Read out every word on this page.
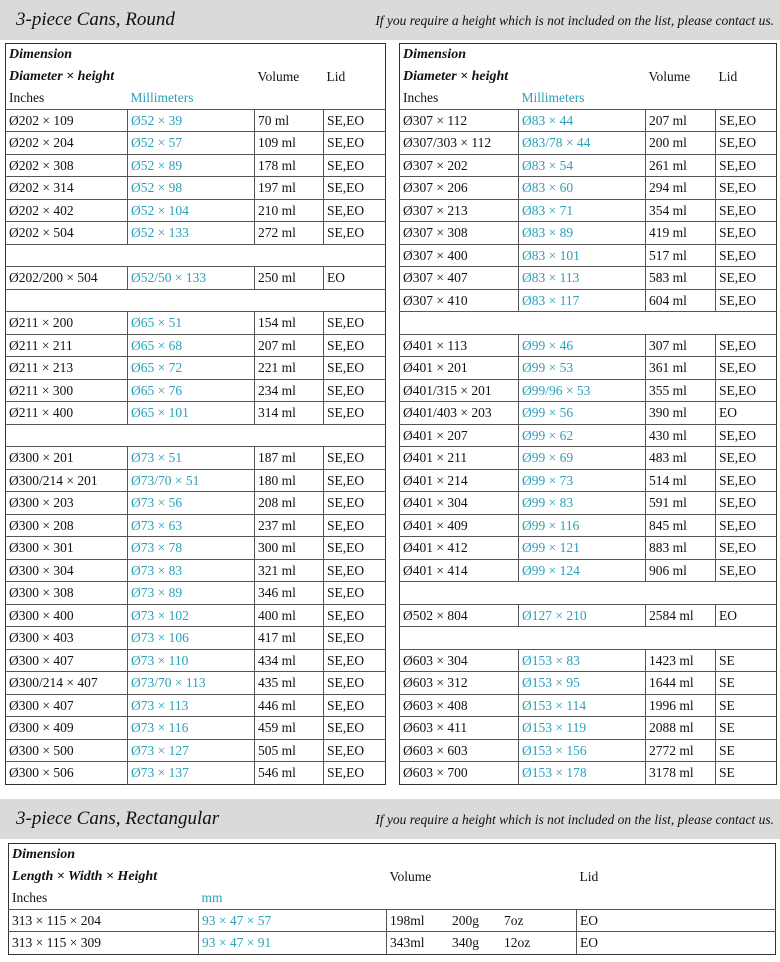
3-piece Cans, Round	If you require a height which is not included on the list, please contact us.
Dimension			
Diameter × height		Volume	Lid
Inches	Millimeters		
Ø202 × 109	Ø52 × 39	70 ml	SE,EO
Ø202 × 204	Ø52 × 57	109 ml	SE,EO
Ø202 × 308	Ø52 × 89	178 ml	SE,EO
Ø202 × 314	Ø52 × 98	197 ml	SE,EO
Ø202 × 402	Ø52 × 104	210 ml	SE,EO
Ø202 × 504	Ø52 × 133	272 ml	SE,EO

Ø202/200 × 504	Ø52/50 × 133	250 ml	EO

Ø211 × 200	Ø65 × 51	154 ml	SE,EO
Ø211 × 211	Ø65 × 68	207 ml	SE,EO
Ø211 × 213	Ø65 × 72	221 ml	SE,EO
Ø211 × 300	Ø65 × 76	234 ml	SE,EO
Ø211 × 400	Ø65 × 101	314 ml	SE,EO

Ø300 × 201	Ø73 × 51	187 ml	SE,EO
Ø300/214 × 201	Ø73/70 × 51	180 ml	SE,EO
Ø300 × 203	Ø73 × 56	208 ml	SE,EO
Ø300 × 208	Ø73 × 63	237 ml	SE,EO
Ø300 × 301	Ø73 × 78	300 ml	SE,EO
Ø300 × 304	Ø73 × 83	321 ml	SE,EO
Ø300 × 308	Ø73 × 89	346 ml	SE,EO
Ø300 × 400	Ø73 × 102	400 ml	SE,EO
Ø300 × 403	Ø73 × 106	417 ml	SE,EO
Ø300 × 407	Ø73 × 110	434 ml	SE,EO
Ø300/214 × 407	Ø73/70 × 113	435 ml	SE,EO
Ø300 × 407	Ø73 × 113	446 ml	SE,EO
Ø300 × 409	Ø73 × 116	459 ml	SE,EO
Ø300 × 500	Ø73 × 127	505 ml	SE,EO
Ø300 × 506	Ø73 × 137	546 ml	SE,EO
Dimension			
Diameter × height		Volume	Lid
Inches	Millimeters		
Ø307 × 112	Ø83 × 44	207 ml	SE,EO
Ø307/303 × 112	Ø83/78 × 44	200 ml	SE,EO
Ø307 × 202	Ø83 × 54	261 ml	SE,EO
Ø307 × 206	Ø83 × 60	294 ml	SE,EO
Ø307 × 213	Ø83 × 71	354 ml	SE,EO
Ø307 × 308	Ø83 × 89	419 ml	SE,EO
Ø307 × 400	Ø83 × 101	517 ml	SE,EO
Ø307 × 407	Ø83 × 113	583 ml	SE,EO
Ø307 × 410	Ø83 × 117	604 ml	SE,EO

Ø401 × 113	Ø99 × 46	307 ml	SE,EO
Ø401 × 201	Ø99 × 53	361 ml	SE,EO
Ø401/315 × 201	Ø99/96 × 53	355 ml	SE,EO
Ø401/403 × 203	Ø99 × 56	390 ml	EO
Ø401 × 207	Ø99 × 62	430 ml	SE,EO
Ø401 × 211	Ø99 × 69	483 ml	SE,EO
Ø401 × 214	Ø99 × 73	514 ml	SE,EO
Ø401 × 304	Ø99 × 83	591 ml	SE,EO
Ø401 × 409	Ø99 × 116	845 ml	SE,EO
Ø401 × 412	Ø99 × 121	883 ml	SE,EO
Ø401 × 414	Ø99 × 124	906 ml	SE,EO

Ø502 × 804	Ø127 × 210	2584 ml	EO

Ø603 × 304	Ø153 × 83	1423 ml	SE
Ø603 × 312	Ø153 × 95	1644 ml	SE
Ø603 × 408	Ø153 × 114	1996 ml	SE
Ø603 × 411	Ø153 × 119	2088 ml	SE
Ø603 × 603	Ø153 × 156	2772 ml	SE
Ø603 × 700	Ø153 × 178	3178 ml	SE
3-piece Cans, Rectangular	If you require a height which is not included on the list, please contact us.
Dimension			
Length × Width × Height		Volume	Lid
Inches	mm		
313 × 115 × 204	93 × 47 × 57	198ml 200g 7oz	EO
313 × 115 × 309	93 × 47 × 91	343ml 340g 12oz	EO
